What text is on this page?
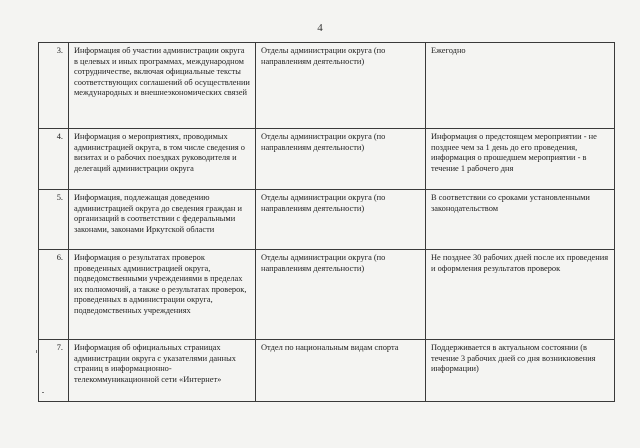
4
3.	Информация об участии администрации округа в целевых и иных программах, международном сотрудничестве, включая официальные тексты соответствующих соглашений об осуществлении международных и внешнеэкономических связей	Отделы администрации округа (по направлениям деятельности)	Ежегодно
4.	Информация о мероприятиях, проводимых администрацией округа, в том числе сведения о визитах и о рабочих поездках руководителя и делегаций администрации округа	Отделы администрации округа (по направлениям деятельности)	Информация о предстоящем мероприятии - не позднее чем за 1 день до его проведения, информация о прошедшем мероприятии - в течение 1 рабочего дня
5.	Информация, подлежащая доведению администрацией округа до сведения граждан и организаций в соответствии с федеральными законами, законами Иркутской области	Отделы администрации округа (по направлениям деятельности)	В соответствии со сроками установленными законодательством
6.	Информация о результатах проверок проведенных администрацией округа, подведомственными учреждениями в пределах их полномочий, а также о результатах проверок, проведенных в администрации округа, подведомственных учреждениях	Отделы администрации округа (по направлениям деятельности)	Не позднее 30 рабочих дней после их проведения и оформления результатов проверок
7.	Информация об официальных страницах администрации округа с указателями данных страниц в информационно-телекоммуникационной сети «Интернет»	Отдел по национальным видам спорта	Поддерживается в актуальном состоянии (в течение 3 рабочих дней со дня возникновения информации)
